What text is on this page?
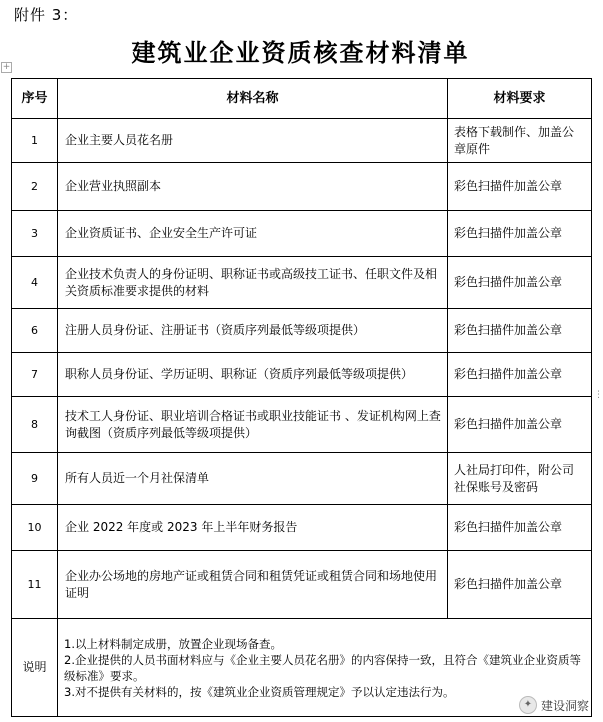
附件 3：
建筑业企业资质核查材料清单
+
序号	材料名称	材料要求
1	企业主要人员花名册	表格下载制作、加盖公章原件
2	企业营业执照副本	彩色扫描件加盖公章
3	企业资质证书、企业安全生产许可证	彩色扫描件加盖公章
4	企业技术负责人的身份证明、职称证书或高级技工证书、任职文件及相关资质标准要求提供的材料	彩色扫描件加盖公章
6	注册人员身份证、注册证书（资质序列最低等级项提供）	彩色扫描件加盖公章
7	职称人员身份证、学历证明、职称证（资质序列最低等级项提供）	彩色扫描件加盖公章
8	技术工人身份证、职业培训合格证书或职业技能证书 、发证机构网上查询截图（资质序列最低等级项提供）	彩色扫描件加盖公章
9	所有人员近一个月社保清单	人社局打印件，附公司社保账号及密码
10	企业 2022 年度或 2023 年上半年财务报告	彩色扫描件加盖公章
11	企业办公场地的房地产证或租赁合同和租赁凭证或租赁合同和场地使用证明	彩色扫描件加盖公章
说明	1.以上材料制定成册，放置企业现场备查。
2.企业提供的人员书面材料应与《企业主要人员花名册》的内容保持一致，且符合《建筑业企业资质等级标准》要求。
3.对不提供有关材料的，按《建筑业企业资质管理规定》予以认定违法行为。	
⋮
✦ 建设洞察
